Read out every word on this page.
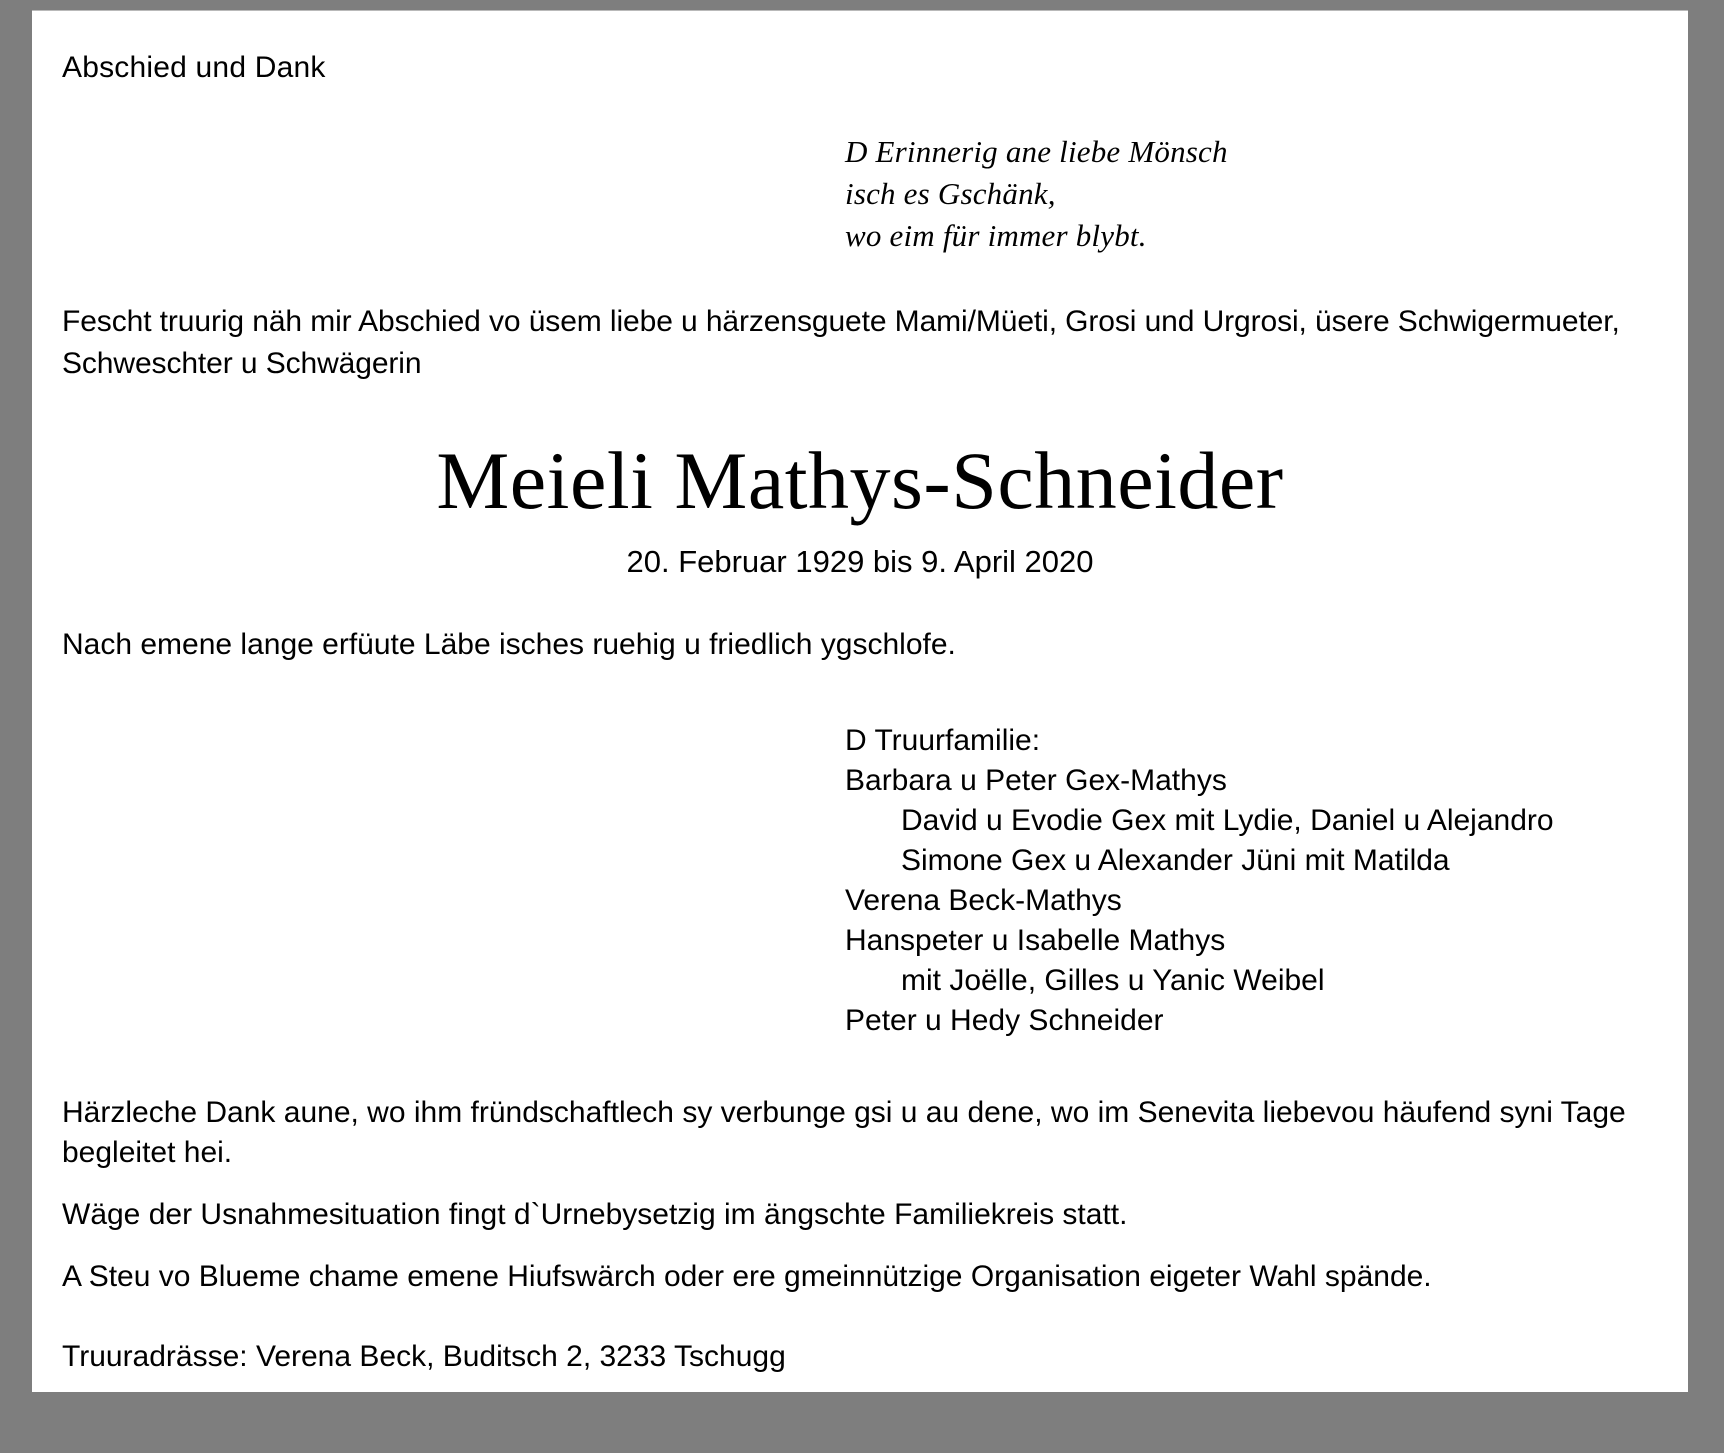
Abschied und Dank
D Erinnerig ane liebe Mönsch
isch es Gschänk,
wo eim für immer blybt.
Fescht truurig näh mir Abschied vo üsem liebe u härzensguete Mami/Müeti, Grosi und Urgrosi, üsere Schwigermueter, Schweschter u Schwägerin
Meieli Mathys-Schneider
20. Februar 1929 bis 9. April 2020
Nach emene lange erfüute Läbe isches ruehig u friedlich ygschlofe.
D Truurfamilie:
Barbara u Peter Gex-Mathys
David u Evodie Gex mit Lydie, Daniel u Alejandro
Simone Gex u Alexander Jüni mit Matilda
Verena Beck-Mathys
Hanspeter u Isabelle Mathys
mit Joëlle, Gilles u Yanic Weibel
Peter u Hedy Schneider
Härzleche Dank aune, wo ihm fründschaftlech sy verbunge gsi u au dene, wo im Senevita liebevou häufend syni Tage begleitet hei.
Wäge der Usnahmesituation fingt d`Urnebysetzig im ängschte Familiekreis statt.
A Steu vo Blueme chame emene Hiufswärch oder ere gmeinnützige Organisation eigeter Wahl spände.
Truuradrässe: Verena Beck, Buditsch 2, 3233 Tschugg
